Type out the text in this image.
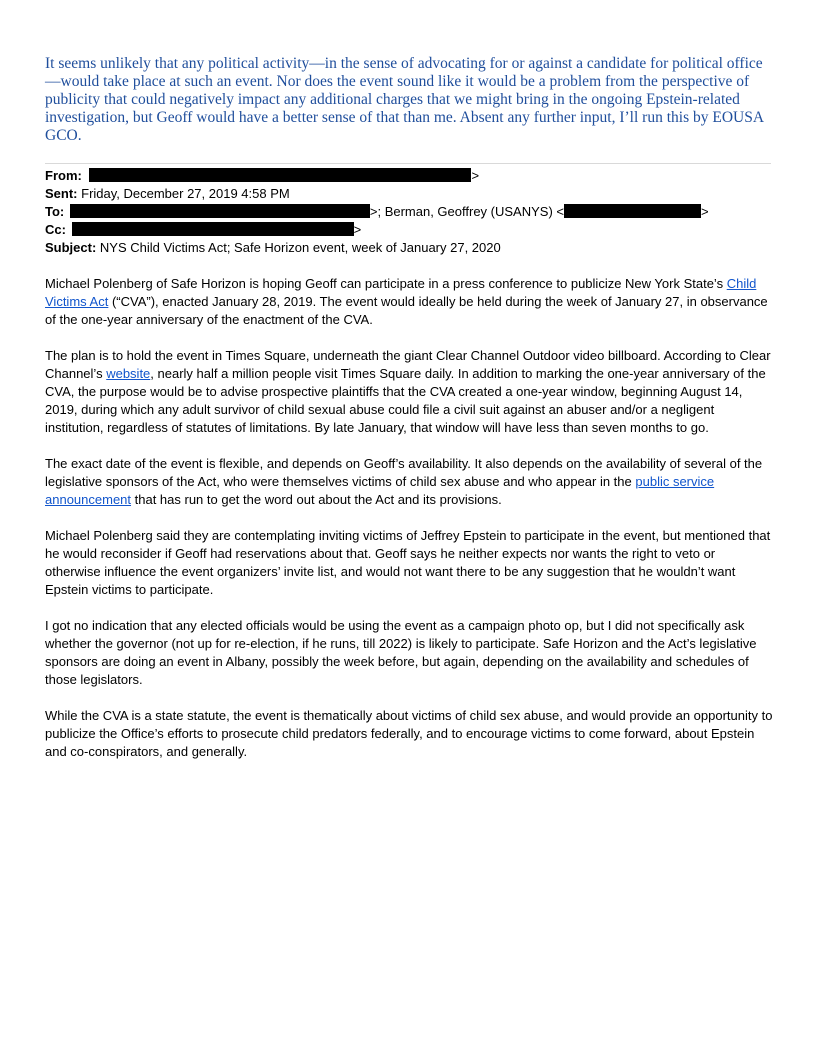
It seems unlikely that any political activity—in the sense of advocating for or against a candidate for political office—would take place at such an event. Nor does the event sound like it would be a problem from the perspective of publicity that could negatively impact any additional charges that we might bring in the ongoing Epstein-related investigation, but Geoff would have a better sense of that than me. Absent any further input, I’ll run this by EOUSA GCO.
From:	>
Sent: Friday, December 27, 2019 4:58 PM
To:	>; Berman, Geoffrey (USANYS) <	>
Cc:	>
Subject: NYS Child Victims Act; Safe Horizon event, week of January 27, 2020

Michael Polenberg of Safe Horizon is hoping Geoff can participate in a press conference to publicize New York State’s Child Victims Act (“CVA”), enacted January 28, 2019. The event would ideally be held during the week of January 27, in observance of the one-year anniversary of the enactment of the CVA.

The plan is to hold the event in Times Square, underneath the giant Clear Channel Outdoor video billboard. According to Clear Channel’s website, nearly half a million people visit Times Square daily. In addition to marking the one-year anniversary of the CVA, the purpose would be to advise prospective plaintiffs that the CVA created a one-year window, beginning August 14, 2019, during which any adult survivor of child sexual abuse could file a civil suit against an abuser and/or a negligent institution, regardless of statutes of limitations. By late January, that window will have less than seven months to go.

The exact date of the event is flexible, and depends on Geoff’s availability. It also depends on the availability of several of the legislative sponsors of the Act, who were themselves victims of child sex abuse and who appear in the public service announcement that has run to get the word out about the Act and its provisions.

Michael Polenberg said they are contemplating inviting victims of Jeffrey Epstein to participate in the event, but mentioned that he would reconsider if Geoff had reservations about that. Geoff says he neither expects nor wants the right to veto or otherwise influence the event organizers’ invite list, and would not want there to be any suggestion that he wouldn’t want Epstein victims to participate.

I got no indication that any elected officials would be using the event as a campaign photo op, but I did not specifically ask whether the governor (not up for re-election, if he runs, till 2022) is likely to participate. Safe Horizon and the Act’s legislative sponsors are doing an event in Albany, possibly the week before, but again, depending on the availability and schedules of those legislators.

While the CVA is a state statute, the event is thematically about victims of child sex abuse, and would provide an opportunity to publicize the Office’s efforts to prosecute child predators federally, and to encourage victims to come forward, about Epstein and co-conspirators, and generally.
